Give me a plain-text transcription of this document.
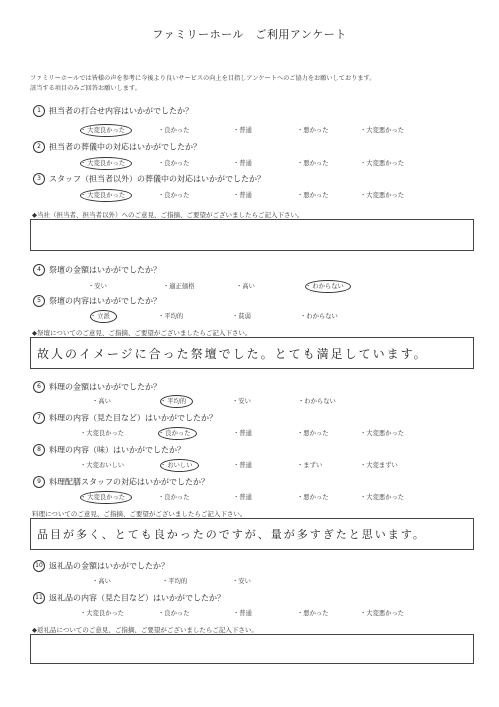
ファミリーホール　ご利用アンケート
ファミリーホールでは皆様の声を参考に今後より良いサービスの向上を目指しアンケートへのご協力をお願いしております。
該当する項目のみご回答お願いします。
1 担当者の打合せ内容はいかがでしたか？
・ 大変良かった	・ 良かった	・ 普通	・ 悪かった	・ 大変悪かった
2 担当者の葬儀中の対応はいかがでしたか？
・ 大変良かった	・ 良かった	・ 普通	・ 悪かった	・ 大変悪かった
3 スタッフ（担当者以外）の葬儀中の対応はいかがでしたか？
・ 大変良かった	・ 良かった	・ 普通	・ 悪かった	・ 大変悪かった
◆当社（担当者、担当者以外）へのご意見、ご指摘、ご要望がございましたらご記入下さい。
4 祭壇の金額はいかがでしたか？
・ 安い	・ 適正価格	・ 高い	・ わからない
5 祭壇の内容はいかがでしたか？
・ 立派	・ 平均的	・ 貧弱	・ わからない
◆祭壇についてのご意見、ご指摘、ご要望がございましたらご記入下さい。
故人のイメージに合った祭壇でした。とても満足しています。
6 料理の金額はいかがでしたか？
・ 高い	・ 平均的	・ 安い	・ わからない
7 料理の内容（見た目など）はいかがでしたか？
・ 大変良かった	・ 良かった	・ 普通	・ 悪かった	・ 大変悪かった
8 料理の内容（味）はいかがでしたか？
・ 大変おいしい	・ おいしい	・ 普通	・ まずい	・ 大変まずい
9 料理配膳スタッフの対応はいかがでしたか？
・ 大変良かった	・ 良かった	・ 普通	・ 悪かった	・ 大変悪かった
料理についてのご意見、ご指摘、ご要望がございましたらご記入下さい。
品目が多く、とても良かったのですが、量が多すぎたと思います。
10 返礼品の金額はいかがでしたか？
・ 高い	・ 平均的	・ 安い
11 返礼品の内容（見た目など）はいかがでしたか？
・ 大変良かった	・ 良かった	・ 普通	・ 悪かった	・ 大変悪かった
◆返礼品についてのご意見、ご指摘、ご要望がございましたらご記入下さい。
